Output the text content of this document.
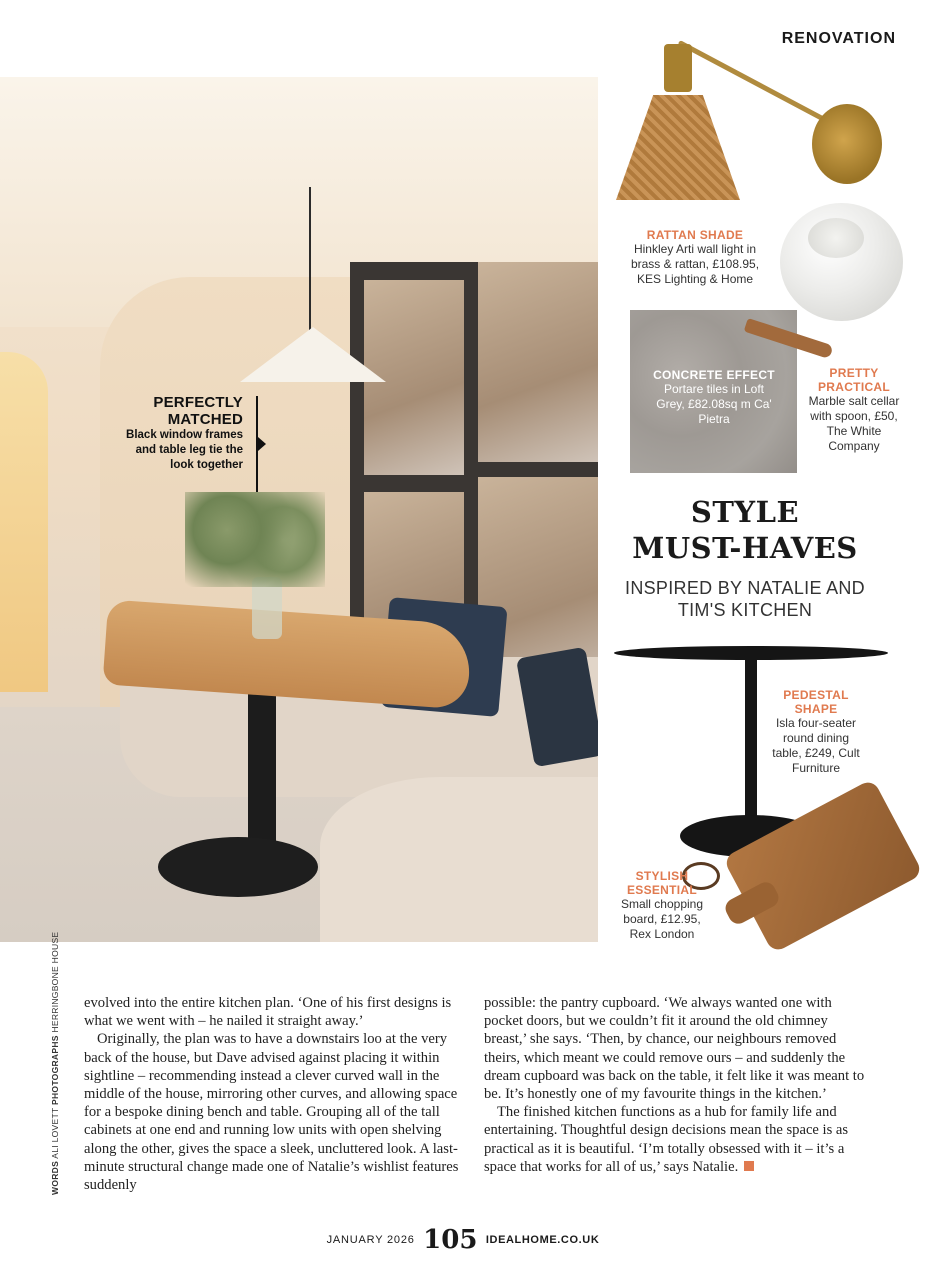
RENOVATION
PERFECTLY MATCHED
Black window frames and table leg tie the look together
RATTAN SHADE
Hinkley Arti wall light in brass & rattan, £108.95, KES Lighting & Home
CONCRETE EFFECT
Portare tiles in Loft Grey, £82.08sq m Ca' Pietra
PRETTY PRACTICAL
Marble salt cellar with spoon, £50, The White Company
PEDESTAL SHAPE
Isla four-seater round dining table, £249, Cult Furniture
STYLISH ESSENTIAL
Small chopping board, £12.95, Rex London
STYLE
MUST-HAVES
INSPIRED BY NATALIE AND TIM'S KITCHEN
WORDS ALI LOVETT PHOTOGRAPHS HERRINGBONE HOUSE evolved into the entire kitchen plan. ‘One of his first designs is what we went with – he nailed it straight away.’

Originally, the plan was to have a downstairs loo at the very back of the house, but Dave advised against placing it within sightline – recommending instead a clever curved wall in the middle of the house, mirroring other curves, and allowing space for a bespoke dining bench and table. Grouping all of the tall cabinets at one end and running low units with open shelving along the other, gives the space a sleek, uncluttered look. A last-minute structural change made one of Natalie’s wishlist features suddenly

possible: the pantry cupboard. ‘We always wanted one with pocket doors, but we couldn’t fit it around the old chimney breast,’ she says. ‘Then, by chance, our neighbours removed theirs, which meant we could remove ours – and suddenly the dream cupboard was back on the table, it felt like it was meant to be. It’s honestly one of my favourite things in the kitchen.’

The finished kitchen functions as a hub for family life and entertaining. Thoughtful design decisions mean the space is as practical as it is beautiful. ‘I’m totally obsessed with it – it’s a space that works for all of us,’ says Natalie.

JANUARY 2026 105 IDEALHOME.CO.UK
